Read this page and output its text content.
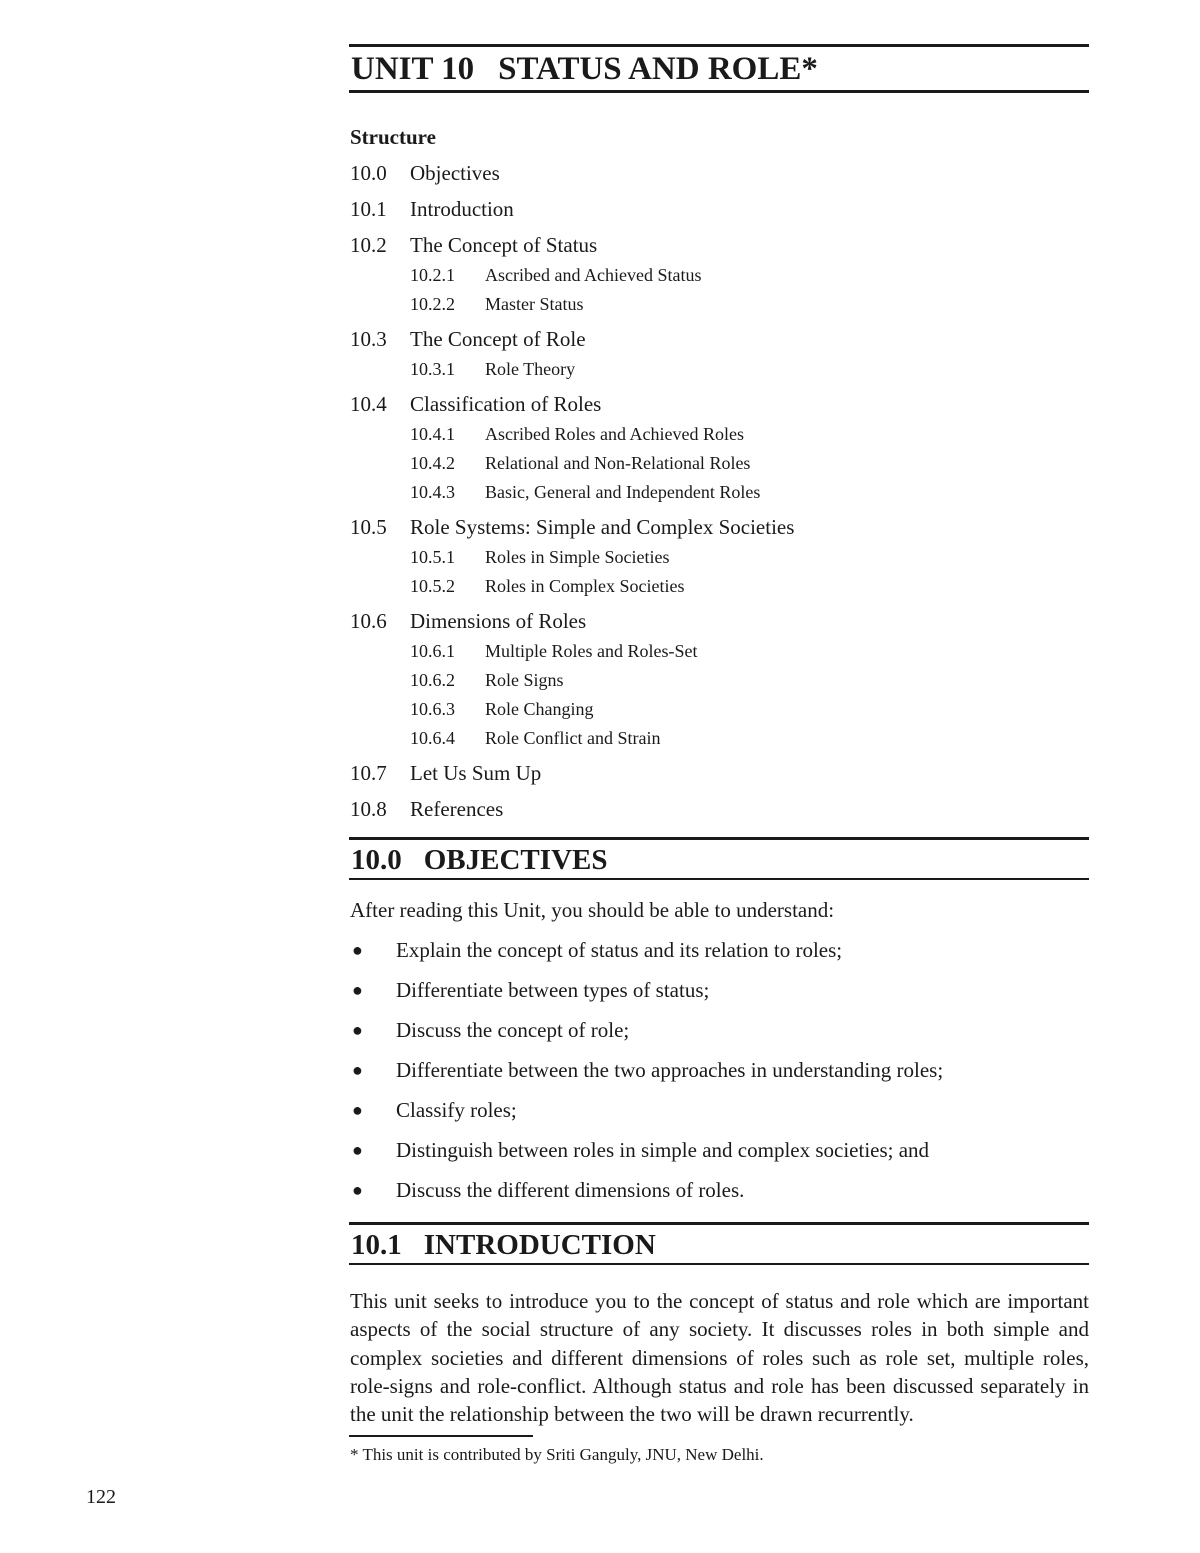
UNIT 10 STATUS AND ROLE*
Structure
10.0	Objectives
10.1	Introduction
10.2	The Concept of Status
10.2.1	Ascribed and Achieved Status
10.2.2	Master Status
10.3	The Concept of Role
10.3.1	Role Theory
10.4	Classification of Roles
10.4.1	Ascribed Roles and Achieved Roles
10.4.2	Relational and Non-Relational Roles
10.4.3	Basic, General and Independent Roles
10.5	Role Systems: Simple and Complex Societies
10.5.1	Roles in Simple Societies
10.5.2	Roles in Complex Societies
10.6	Dimensions of Roles
10.6.1	Multiple Roles and Roles-Set
10.6.2	Role Signs
10.6.3	Role Changing
10.6.4	Role Conflict and Strain
10.7	Let Us Sum Up
10.8	References
10.0 OBJECTIVES

After reading this Unit, you should be able to understand:

●	Explain the concept of status and its relation to roles;
●	Differentiate between types of status;
●	Discuss the concept of role;
●	Differentiate between the two approaches in understanding roles;
●	Classify roles;
●	Distinguish between roles in simple and complex societies; and
●	Discuss the different dimensions of roles.
10.1 INTRODUCTION

This unit seeks to introduce you to the concept of status and role which are important aspects of the social structure of any society. It discusses roles in both simple and complex societies and different dimensions of roles such as role set, multiple roles, role-signs and role-conflict. Although status and role has been discussed separately in the unit the relationship between the two will be drawn recurrently.

* This unit is contributed by Sriti Ganguly, JNU, New Delhi.

122
